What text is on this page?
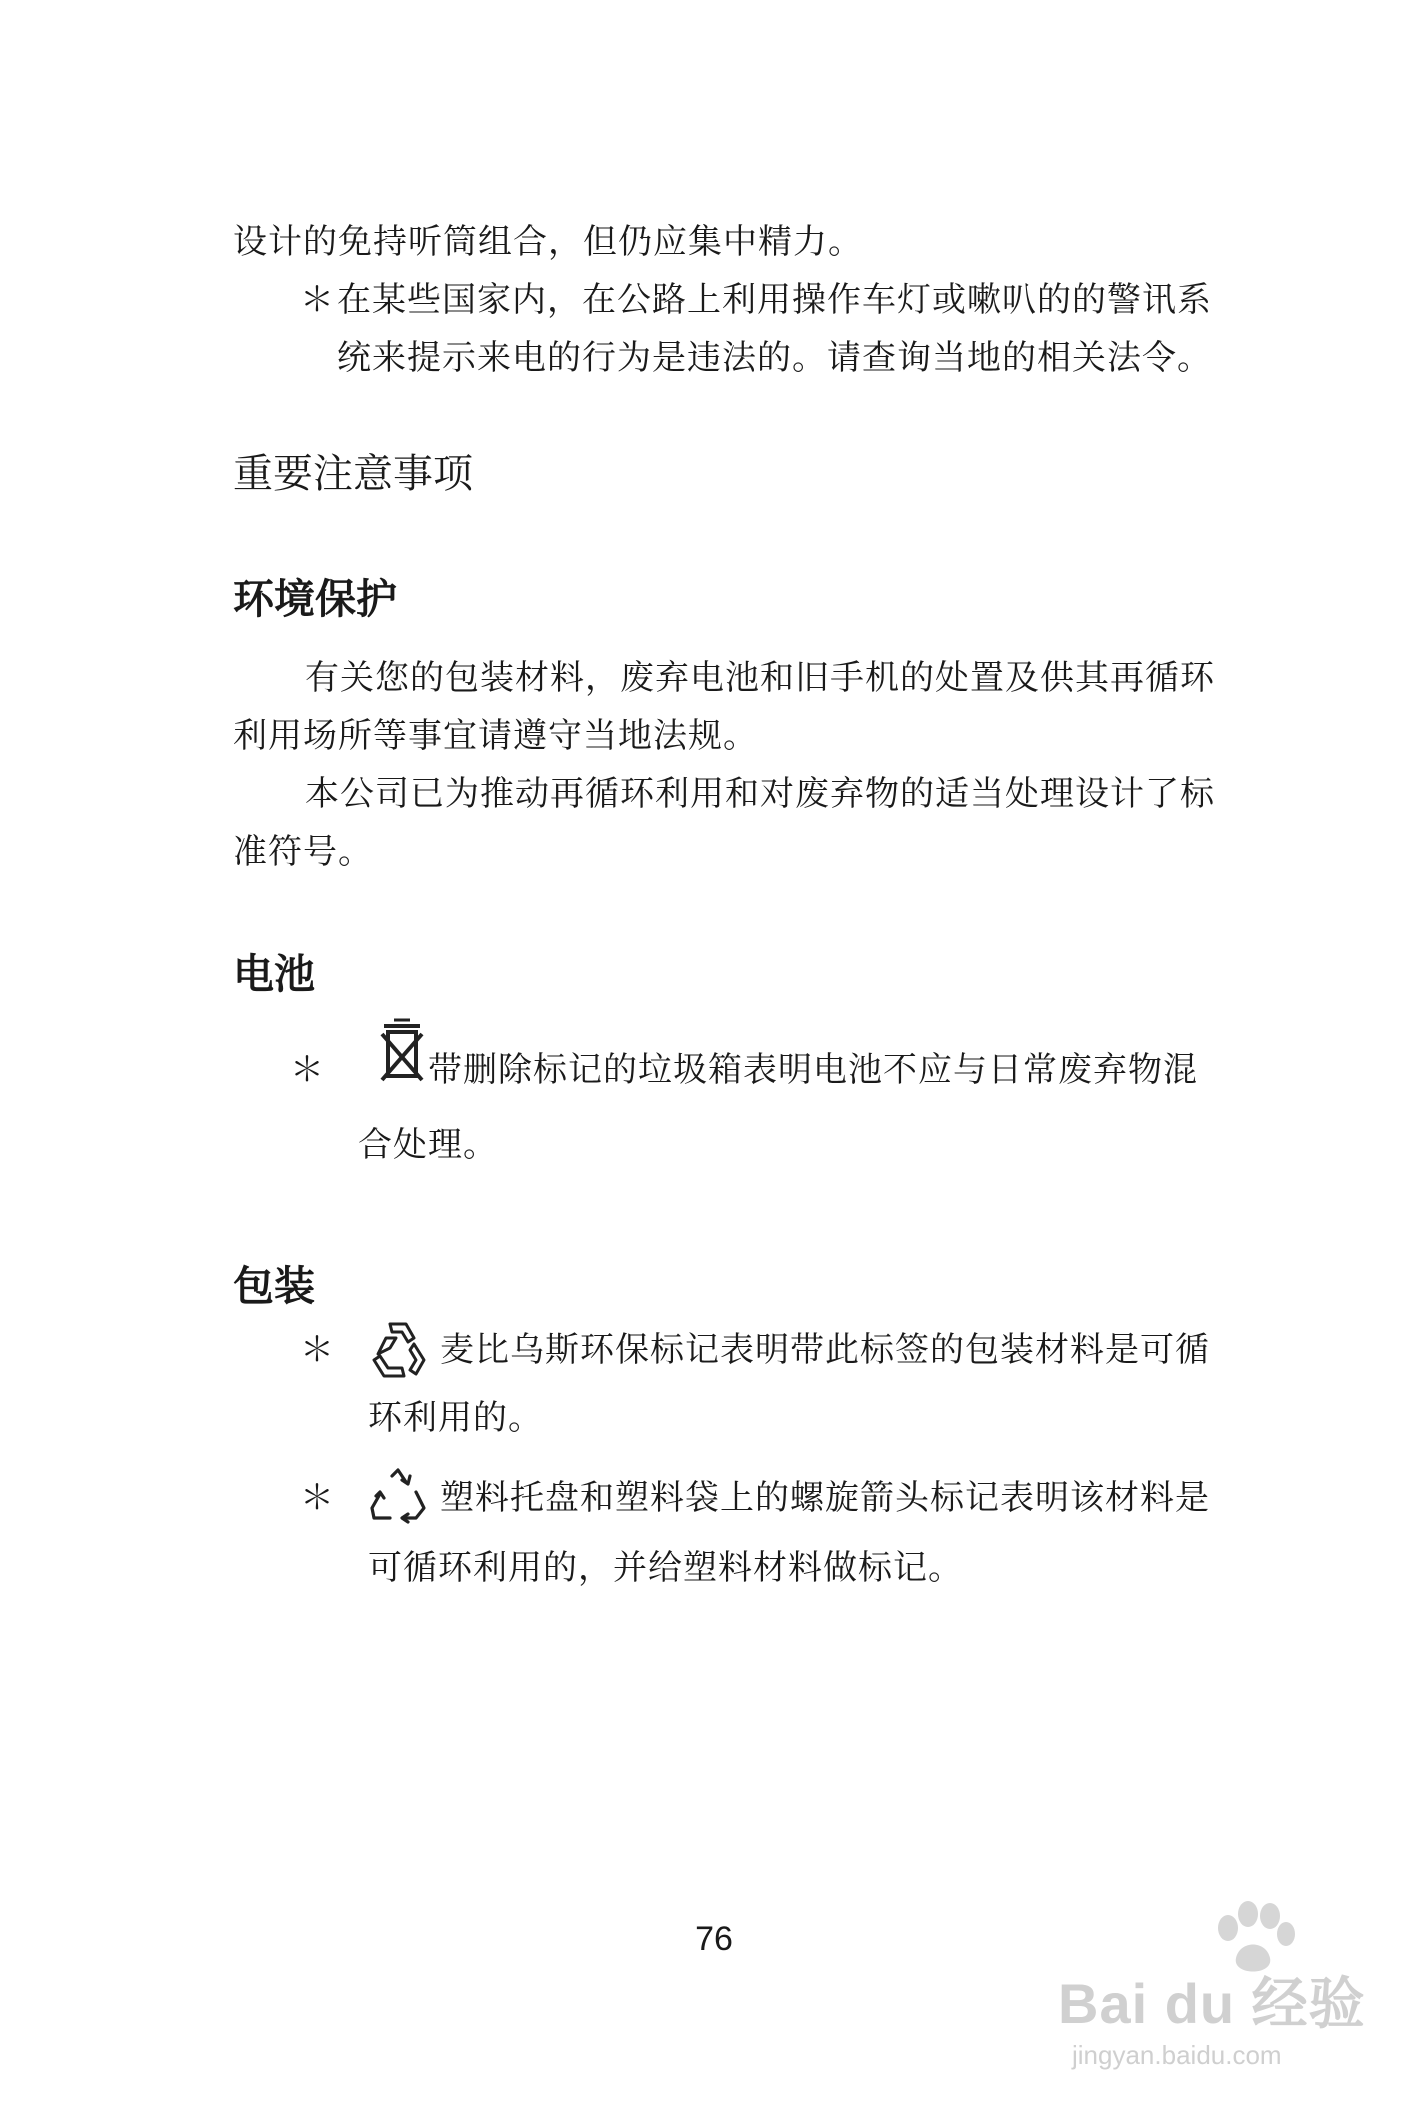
设计的免持听筒组合，但仍应集中精力。
＊ 在某些国家内，在公路上利用操作车灯或嗽叭的的警讯系
统来提示来电的行为是违法的。请查询当地的相关法令。
重要注意事项
环境保护
有关您的包装材料，废弃电池和旧手机的处置及供其再循环
利用场所等事宜请遵守当地法规。
本公司已为推动再循环利用和对废弃物的适当处理设计了标
准符号。
电池
＊	带删除标记的垃圾箱表明电池不应与日常废弃物混
合处理。
包装
＊	麦比乌斯环保标记表明带此标签的包装材料是可循
环利用的。
＊	塑料托盘和塑料袋上的螺旋箭头标记表明该材料是
可循环利用的，并给塑料材料做标记。
76
Bai du 经验
jingyan.baidu.com
